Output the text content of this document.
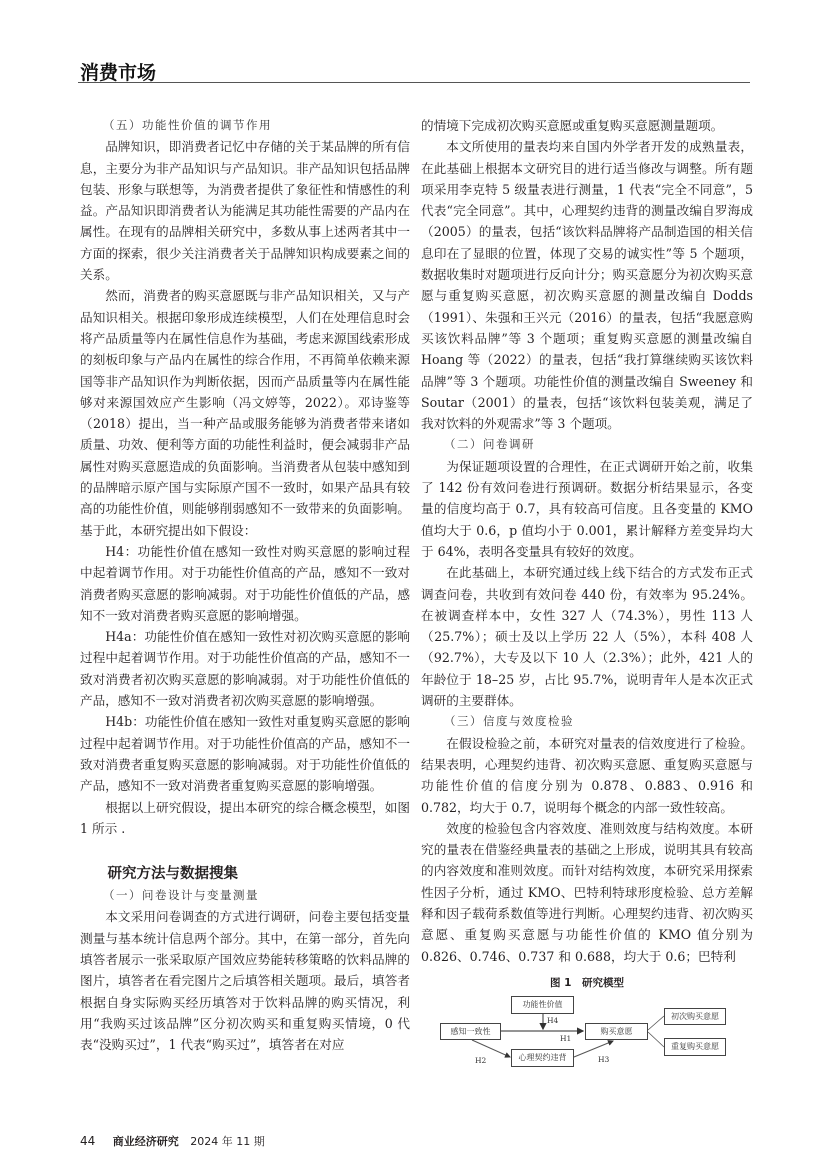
消费市场
（五）功能性价值的调节作用

品牌知识，即消费者记忆中存储的关于某品牌的所有信息，主要分为非产品知识与产品知识。非产品知识包括品牌包装、形象与联想等，为消费者提供了象征性和情感性的利益。产品知识即消费者认为能满足其功能性需要的产品内在属性。在现有的品牌相关研究中，多数从事上述两者其中一方面的探索，很少关注消费者关于品牌知识构成要素之间的关系。

然而，消费者的购买意愿既与非产品知识相关，又与产品知识相关。根据印象形成连续模型，人们在处理信息时会将产品质量等内在属性信息作为基础，考虑来源国线索形成的刻板印象与产品内在属性的综合作用，不再简单依赖来源国等非产品知识作为判断依据，因而产品质量等内在属性能够对来源国效应产生影响（冯文婷等，2022）。邓诗鉴等（2018）提出，当一种产品或服务能够为消费者带来诸如质量、功效、便利等方面的功能性利益时，便会减弱非产品属性对购买意愿造成的负面影响。当消费者从包装中感知到的品牌暗示原产国与实际原产国不一致时，如果产品具有较高的功能性价值，则能够削弱感知不一致带来的负面影响。基于此，本研究提出如下假设：

H4：功能性价值在感知一致性对购买意愿的影响过程中起着调节作用。对于功能性价值高的产品，感知不一致对消费者购买意愿的影响减弱。对于功能性价值低的产品，感知不一致对消费者购买意愿的影响增强。

H4a：功能性价值在感知一致性对初次购买意愿的影响过程中起着调节作用。对于功能性价值高的产品，感知不一致对消费者初次购买意愿的影响减弱。对于功能性价值低的产品，感知不一致对消费者初次购买意愿的影响增强。

H4b：功能性价值在感知一致性对重复购买意愿的影响过程中起着调节作用。对于功能性价值高的产品，感知不一致对消费者重复购买意愿的影响减弱。对于功能性价值低的产品，感知不一致对消费者重复购买意愿的影响增强。

根据以上研究假设，提出本研究的综合概念模型，如图 1 所示 .

研究方法与数据搜集
（一）问卷设计与变量测量

本文采用问卷调查的方式进行调研，问卷主要包括变量测量与基本统计信息两个部分。其中，在第一部分，首先向填答者展示一张采取原产国效应势能转移策略的饮料品牌的图片，填答者在看完图片之后填答相关题项。最后，填答者根据自身实际购买经历填答对于饮料品牌的购买情况，利用“我购买过该品牌”区分初次购买和重复购买情境，0 代表“没购买过”，1 代表“购买过”，填答者在对应

的情境下完成初次购买意愿或重复购买意愿测量题项。

本文所使用的量表均来自国内外学者开发的成熟量表，在此基础上根据本文研究目的进行适当修改与调整。所有题项采用李克特 5 级量表进行测量，1 代表“完全不同意”，5 代表“完全同意”。其中，心理契约违背的测量改编自罗海成（2005）的量表，包括“该饮料品牌将产品制造国的相关信息印在了显眼的位置，体现了交易的诚实性”等 5 个题项，数据收集时对题项进行反向计分；购买意愿分为初次购买意愿与重复购买意愿，初次购买意愿的测量改编自 Dodds（1991）、朱强和王兴元（2016）的量表，包括“我愿意购买该饮料品牌”等 3 个题项；重复购买意愿的测量改编自 Hoang 等（2022）的量表，包括“我打算继续购买该饮料品牌”等 3 个题项。功能性价值的测量改编自 Sweeney 和 Soutar（2001）的量表，包括“该饮料包装美观，满足了我对饮料的外观需求”等 3 个题项。

（二）问卷调研

为保证题项设置的合理性，在正式调研开始之前，收集了 142 份有效问卷进行预调研。数据分析结果显示，各变量的信度均高于 0.7，具有较高可信度。且各变量的 KMO 值均大于 0.6，p 值均小于 0.001，累计解释方差变异均大于 64%，表明各变量具有较好的效度。

在此基础上，本研究通过线上线下结合的方式发布正式调查问卷，共收到有效问卷 440 份，有效率为 95.24%。在被调查样本中，女性 327 人（74.3%），男性 113 人（25.7%）；硕士及以上学历 22 人（5%），本科 408 人（92.7%），大专及以下 10 人（2.3%）；此外，421 人的年龄位于 18–25 岁，占比 95.7%，说明青年人是本次正式调研的主要群体。

（三）信度与效度检验

在假设检验之前，本研究对量表的信效度进行了检验。结果表明，心理契约违背、初次购买意愿、重复购买意愿与功能性价值的信度分别为 0.878、0.883、0.916 和 0.782，均大于 0.7，说明每个概念的内部一致性较高。

效度的检验包含内容效度、准则效度与结构效度。本研究的量表在借鉴经典量表的基础之上形成，说明其具有较高的内容效度和准则效度。而针对结构效度，本研究采用探索性因子分析，通过 KMO、巴特利特球形度检验、总方差解释和因子载荷系数值等进行判断。心理契约违背、初次购买意愿、重复购买意愿与功能性价值的 KMO 值分别为 0.826、0.746、0.737 和 0.688，均大于 0.6；巴特利

图 1　研究模型
功能性价值
感知一致性	购买意愿
心理契约违背
初次购买意愿
重复购买意愿
H4
H1
H2	H3
44 商业经济研究 2024 年 11 期
